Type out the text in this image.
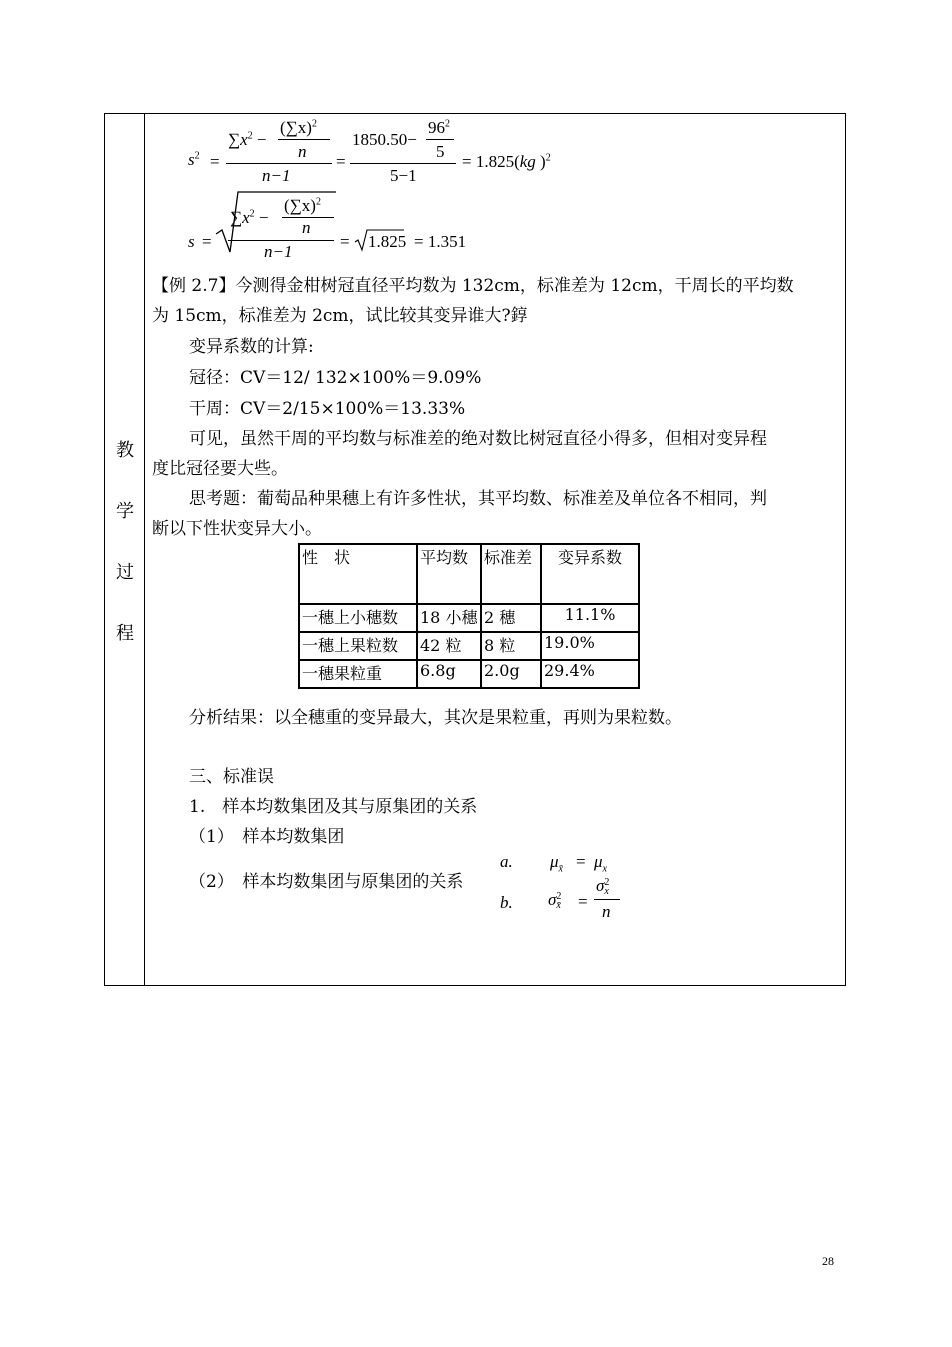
教
学
过
程
$s^2$ =
$\sum x^2$ −
$(\sum x)^2$
n
n−1
=
1850.50−
$96^2$
5
5−1
= 1.825(kg )$^2$
s =
$\sum x^2$ −
$(\sum x)^2$
n
n−1
= 1.825 = 1.351
【例 2.7】今测得金柑树冠直径平均数为 132cm，标准差为 12cm，干周长的平均数
为 15cm，标准差为 2cm，试比较其变异谁大?錞
变异系数的计算:
冠径：CV＝12/ 132×100%＝9.09%
干周：CV＝2/15×100%＝13.33%
可见，虽然干周的平均数与标准差的绝对数比树冠直径小得多，但相对变异程
度比冠径要大些。
思考题：葡萄品种果穗上有许多性状，其平均数、标准差及单位各不相同，判
断以下性状变异大小。
性　状	平均数	标准差	变异系数
一穗上小穗数	18 小穗	2 穗	11.1%
一穗上果粒数	42 粒	8 粒	19.0%
一穗果粒重	6.8g	2.0g	29.4%
分析结果：以全穗重的变异最大，其次是果粒重，再则为果粒数。
三、标准误
1.　样本均数集团及其与原集团的关系
（1）　样本均数集团
（2）　样本均数集团与原集团的关系
a. $\mu_{x̄} = \mu_x$
b. σ 2
x̄ =
σ 2
x
n
28
